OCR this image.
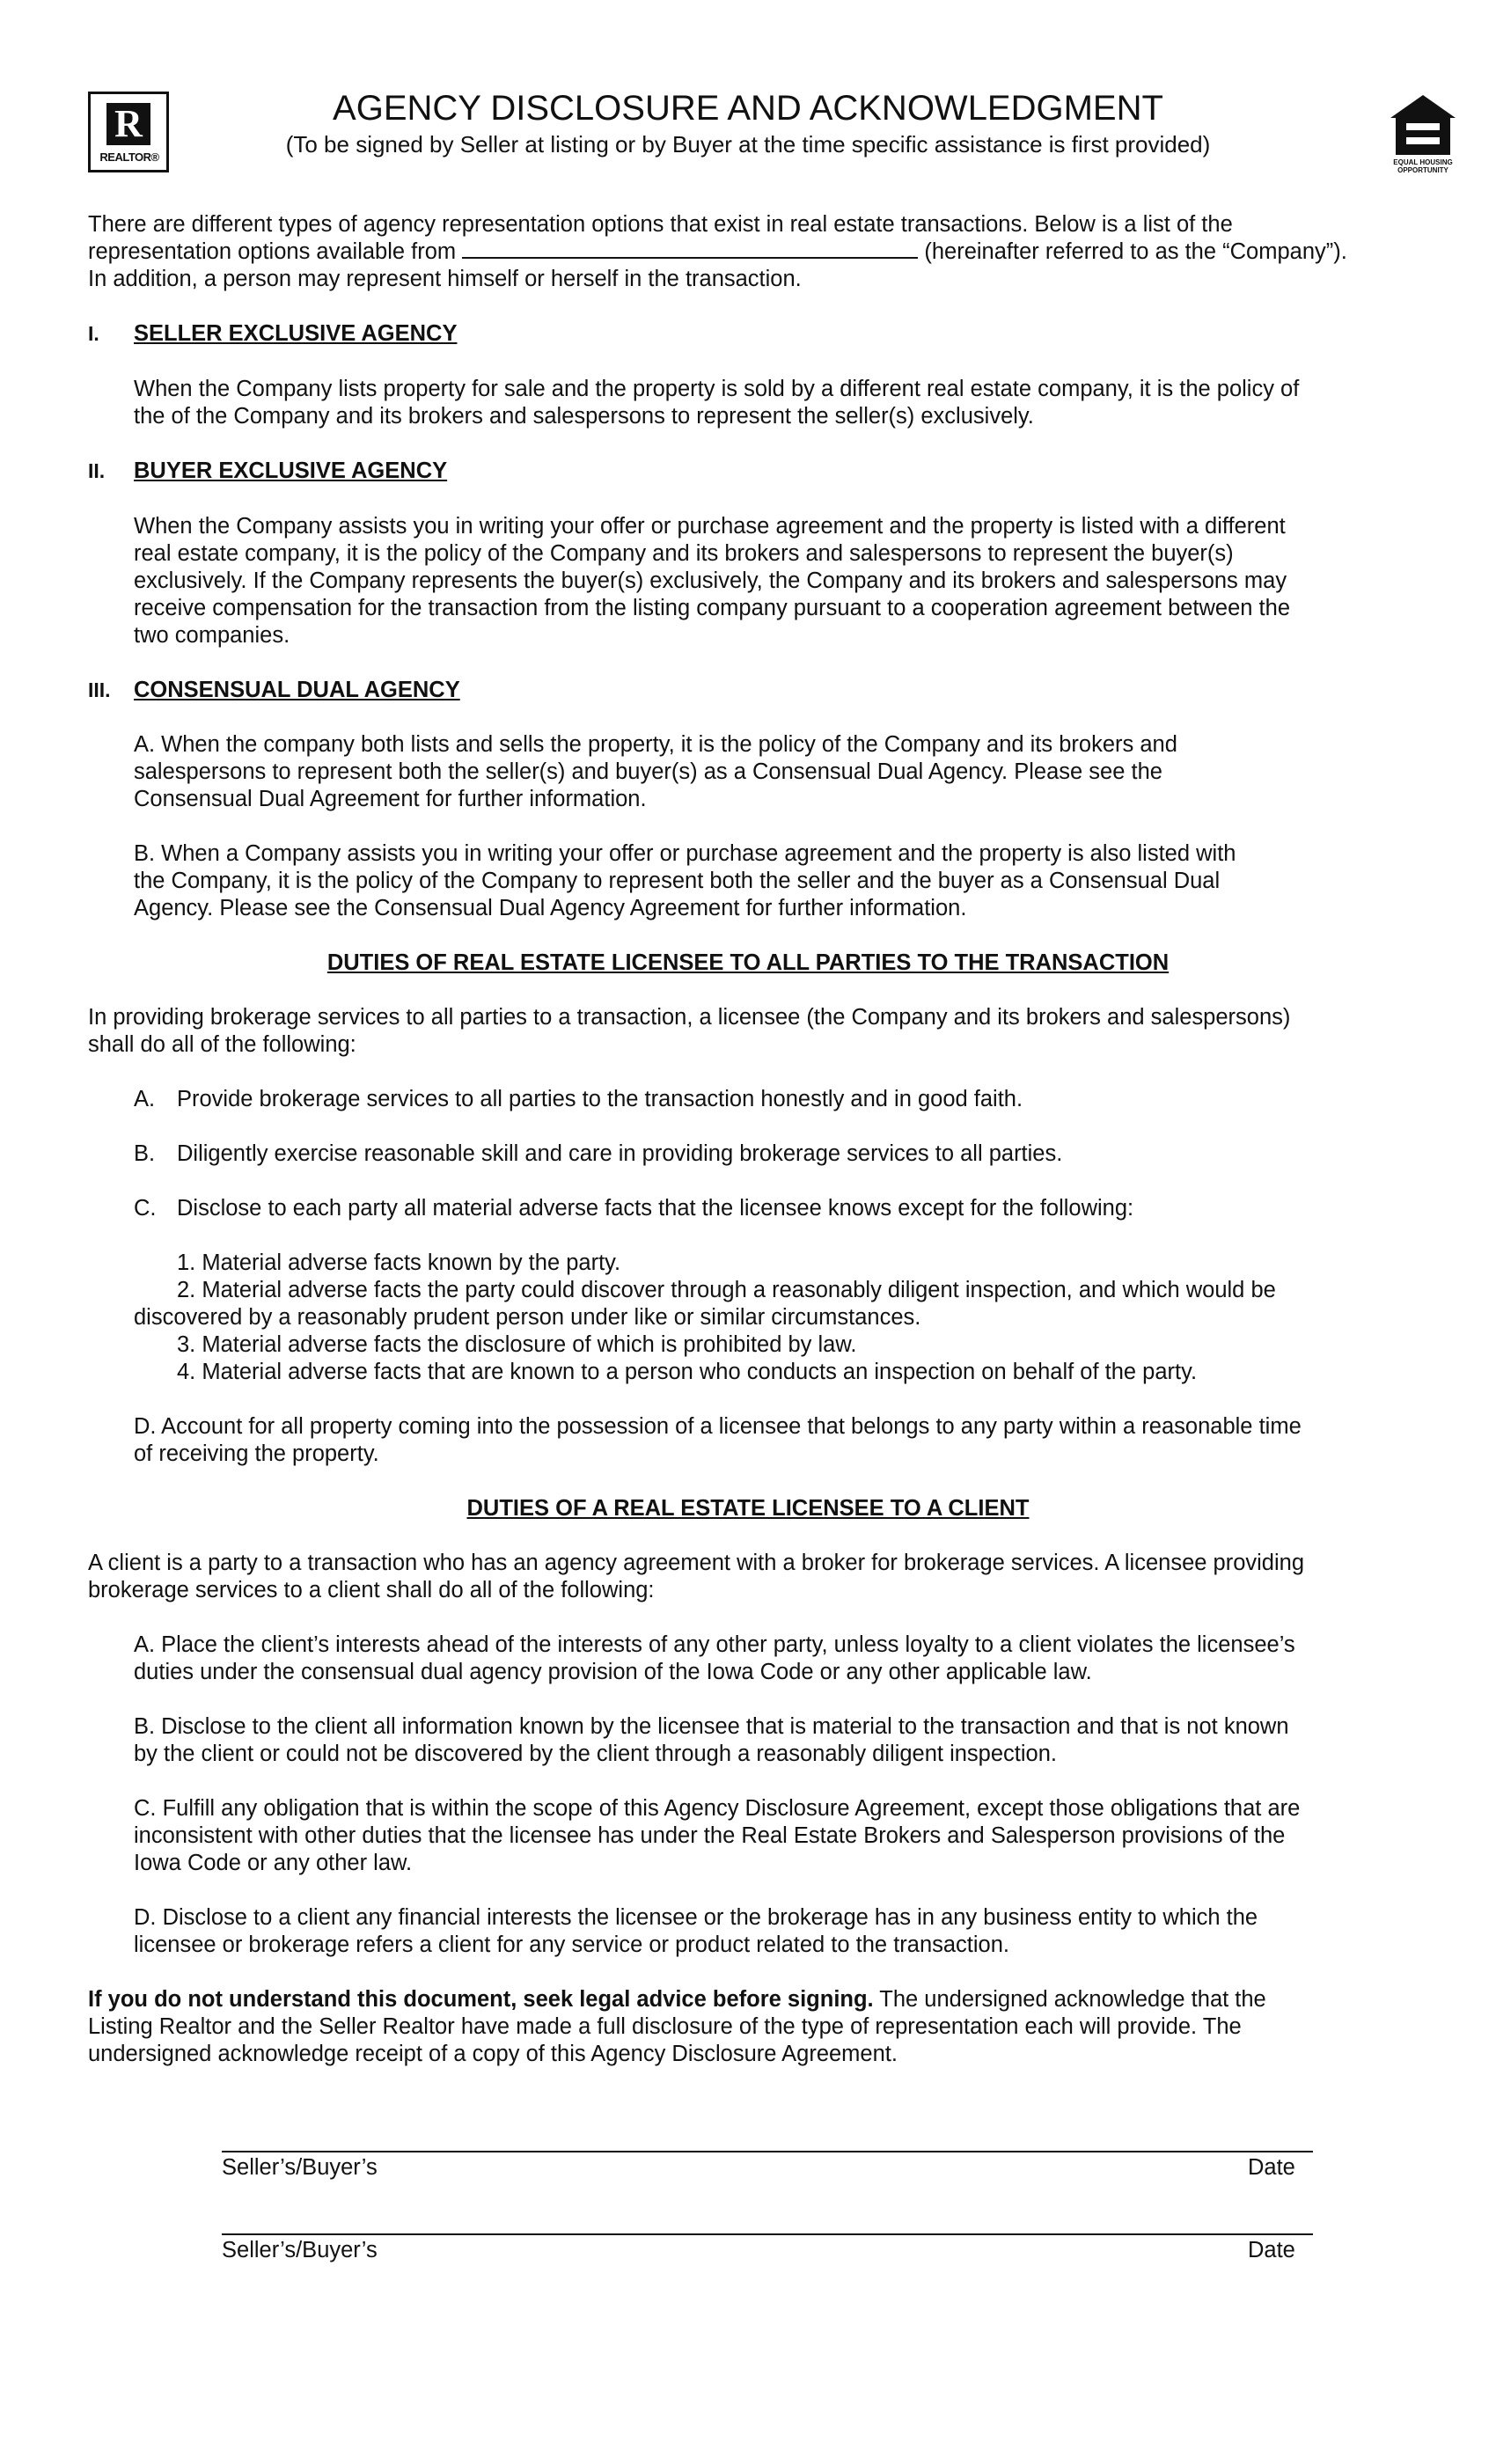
R
REALTOR®	EQUAL HOUSING OPPORTUNITY
AGENCY DISCLOSURE AND ACKNOWLEDGMENT
(To be signed by Seller at listing or by Buyer at the time specific assistance is first provided)

There are different types of agency representation options that exist in real estate transactions. Below is a list of the

representation options available from	(hereinafter referred to as the “Company”).

In addition, a person may represent himself or herself in the transaction.

I. SELLER EXCLUSIVE AGENCY

When the Company lists property for sale and the property is sold by a different real estate company, it is the policy of

the of the Company and its brokers and salespersons to represent the seller(s) exclusively.

II. BUYER EXCLUSIVE AGENCY

When the Company assists you in writing your offer or purchase agreement and the property is listed with a different

real estate company, it is the policy of the Company and its brokers and salespersons to represent the buyer(s)

exclusively. If the Company represents the buyer(s) exclusively, the Company and its brokers and salespersons may

receive compensation for the transaction from the listing company pursuant to a cooperation agreement between the

two companies.

III. CONSENSUAL DUAL AGENCY

A. When the company both lists and sells the property, it is the policy of the Company and its brokers and

salespersons to represent both the seller(s) and buyer(s) as a Consensual Dual Agency. Please see the

Consensual Dual Agreement for further information.

B. When a Company assists you in writing your offer or purchase agreement and the property is also listed with

the Company, it is the policy of the Company to represent both the seller and the buyer as a Consensual Dual

Agency. Please see the Consensual Dual Agency Agreement for further information.

DUTIES OF REAL ESTATE LICENSEE TO ALL PARTIES TO THE TRANSACTION

In providing brokerage services to all parties to a transaction, a licensee (the Company and its brokers and salespersons)

shall do all of the following:

A. Provide brokerage services to all parties to the transaction honestly and in good faith.

B. Diligently exercise reasonable skill and care in providing brokerage services to all parties.

C. Disclose to each party all material adverse facts that the licensee knows except for the following:

1. Material adverse facts known by the party.

2. Material adverse facts the party could discover through a reasonably diligent inspection, and which would be

discovered by a reasonably prudent person under like or similar circumstances.

3. Material adverse facts the disclosure of which is prohibited by law.

4. Material adverse facts that are known to a person who conducts an inspection on behalf of the party.

D. Account for all property coming into the possession of a licensee that belongs to any party within a reasonable time

of receiving the property.

DUTIES OF A REAL ESTATE LICENSEE TO A CLIENT

A client is a party to a transaction who has an agency agreement with a broker for brokerage services. A licensee providing

brokerage services to a client shall do all of the following:

A. Place the client’s interests ahead of the interests of any other party, unless loyalty to a client violates the licensee’s

duties under the consensual dual agency provision of the Iowa Code or any other applicable law.

B. Disclose to the client all information known by the licensee that is material to the transaction and that is not known

by the client or could not be discovered by the client through a reasonably diligent inspection.

C. Fulfill any obligation that is within the scope of this Agency Disclosure Agreement, except those obligations that are

inconsistent with other duties that the licensee has under the Real Estate Brokers and Salesperson provisions of the

Iowa Code or any other law.

D. Disclose to a client any financial interests the licensee or the brokerage has in any business entity to which the

licensee or brokerage refers a client for any service or product related to the transaction.

If you do not understand this document, seek legal advice before signing. The undersigned acknowledge that the

Listing Realtor and the Seller Realtor have made a full disclosure of the type of representation each will provide. The

undersigned acknowledge receipt of a copy of this Agency Disclosure Agreement.

Seller’s/Buyer’s	Date
Seller’s/Buyer’s	Date
